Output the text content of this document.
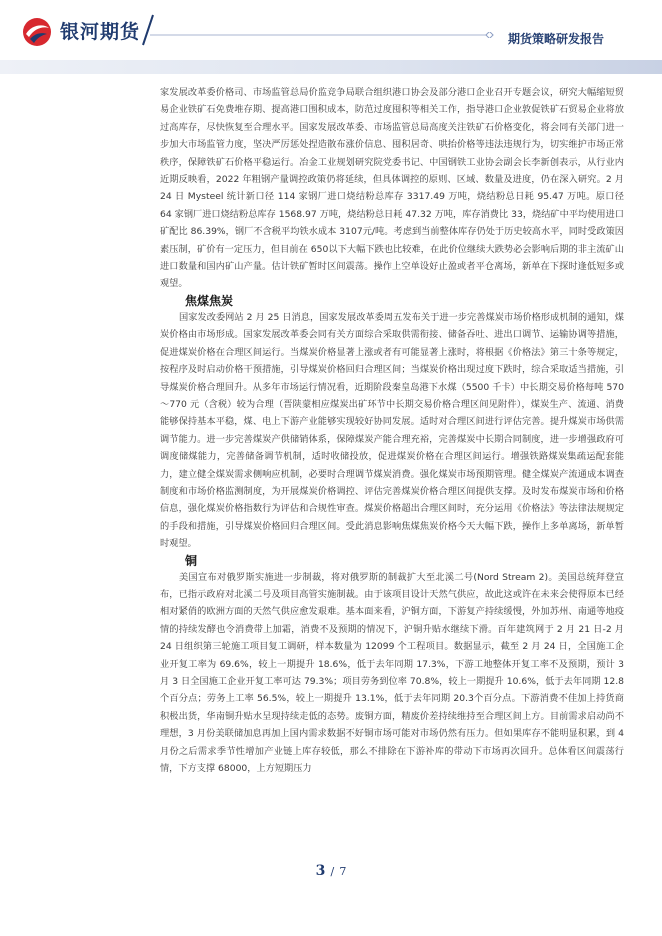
银河期货	期货策略研发报告

家发展改革委价格司、市场监管总局价监竞争局联合组织港口协会及部分港口企业召开专题会议，研究大幅缩短贸易企业铁矿石免费堆存期、提高港口围积成本，防范过度囤积等相关工作，指导港口企业敦促铁矿石贸易企业将放过高库存，尽快恢复至合理水平。国家发展改革委、市场监管总局高度关注铁矿石价格变化，将会同有关部门进一步加大市场监管力度，坚决严厉惩处捏造散布涨价信息、囤积居奇、哄抬价格等违法违规行为，切实维护市场正常秩序，保障铁矿石价格平稳运行。冶金工业规划研究院党委书记、中国钢铁工业协会副会长李新创表示，从行业内近期反映看，2022 年粗钢产量调控政策仍将延续，但具体调控的原则、区域、数量及进度，仍在深入研究。2 月 24 日 Mysteel 统计新口径 114 家钢厂进口烧结粉总库存 3317.49 万吨，烧结粉总日耗 95.47 万吨。原口径 64 家钢厂进口烧结粉总库存 1568.97 万吨，烧结粉总日耗 47.32 万吨，库存消费比 33，烧结矿中平均使用进口矿配比 86.39%，钢厂不含税平均铁水成本 3107元/吨。考虑到当前整体库存仍处于历史较高水平，同时受政策因素压制，矿价有一定压力，但目前在 650以下大幅下跌也比较难，在此价位继续大跌势必会影响后期的非主流矿山进口数量和国内矿山产量。估计铁矿暂时区间震荡。操作上空单设好止盈或者平仓离场，新单在下探时逢低短多或观望。

焦煤焦炭

国家发改委网站 2 月 25 日消息，国家发展改革委周五发布关于进一步完善煤炭市场价格形成机制的通知，煤炭价格由市场形成。国家发展改革委会同有关方面综合采取供需衔接、储备吞吐、进出口调节、运输协调等措施，促进煤炭价格在合理区间运行。当煤炭价格显著上涨或者有可能显著上涨时，将根据《价格法》第三十条等规定，按程序及时启动价格干预措施，引导煤炭价格回归合理区间；当煤炭价格出现过度下跌时，综合采取适当措施，引导煤炭价格合理回升。从多年市场运行情况看，近期阶段秦皇岛港下水煤（5500 千卡）中长期交易价格每吨 570～770 元（含税）较为合理（晋陕蒙相应煤炭出矿环节中长期交易价格合理区间见附件），煤炭生产、流通、消费能够保持基本平稳，煤、电上下游产业能够实现较好协同发展。适时对合理区间进行评估完善。提升煤炭市场供需调节能力。进一步完善煤炭产供储销体系，保障煤炭产能合理充裕，完善煤炭中长期合同制度，进一步增强政府可调度储煤能力，完善储备调节机制，适时收储投放，促进煤炭价格在合理区间运行。增强铁路煤炭集疏运配套能力，建立健全煤炭需求侧响应机制，必要时合理调节煤炭消费。强化煤炭市场预期管理。健全煤炭产流通成本调查制度和市场价格监测制度，为开展煤炭价格调控、评估完善煤炭价格合理区间提供支撑。及时发布煤炭市场和价格信息，强化煤炭价格指数行为评估和合规性审查。煤炭价格超出合理区间时，充分运用《价格法》等法律法规规定的手段和措施，引导煤炭价格回归合理区间。受此消息影响焦煤焦炭价格今天大幅下跌，操作上多单离场，新单暂时观望。

铜

美国宣布对俄罗斯实施进一步制裁，将对俄罗斯的制裁扩大至北溪二号(Nord Stream 2)。美国总统拜登宣布，已指示政府对北溪二号及项目高管实施制裁。由于该项目设计天然气供应，故此这或许在未来会使得原本已经相对紧俏的欧洲方面的天然气供应愈发艰难。基本面来看，沪铜方面，下游复产持续缓慢，外加苏州、南通等地疫情的持续发酵也令消费带上加霜，消费不及预期的情况下，沪铜升贴水继续下滑。百年建筑网于 2 月 21 日-2 月 24 日组织第三轮施工项目复工调研，样本数量为 12099 个工程项目。数据显示，截至 2 月 24 日，全国施工企业开复工率为 69.6%，较上一期提升 18.6%，低于去年同期 17.3%，下游工地整体开复工率不及预期，预计 3 月 3 日全国施工企业开复工率可达 79.3%；项目劳务到位率 70.8%，较上一期提升 10.6%，低于去年同期 12.8 个百分点；劳务上工率 56.5%，较上一期提升 13.1%，低于去年同期 20.3个百分点。下游消费不佳加上持货商积极出货，华南铜升贴水呈现持续走低的态势。废铜方面，精废价差持续维持至合理区间上方。目前需求启动尚不理想，3 月份美联储加息再加上国内需求数据不好铜市场可能对市场仍然有压力。但如果库存不能明显积累，到 4 月份之后需求季节性增加产业链上库存较低，那么不排除在下游补库的带动下市场再次回升。总体看区间震荡行情，下方支撑 68000，上方短期压力

3 / 7
